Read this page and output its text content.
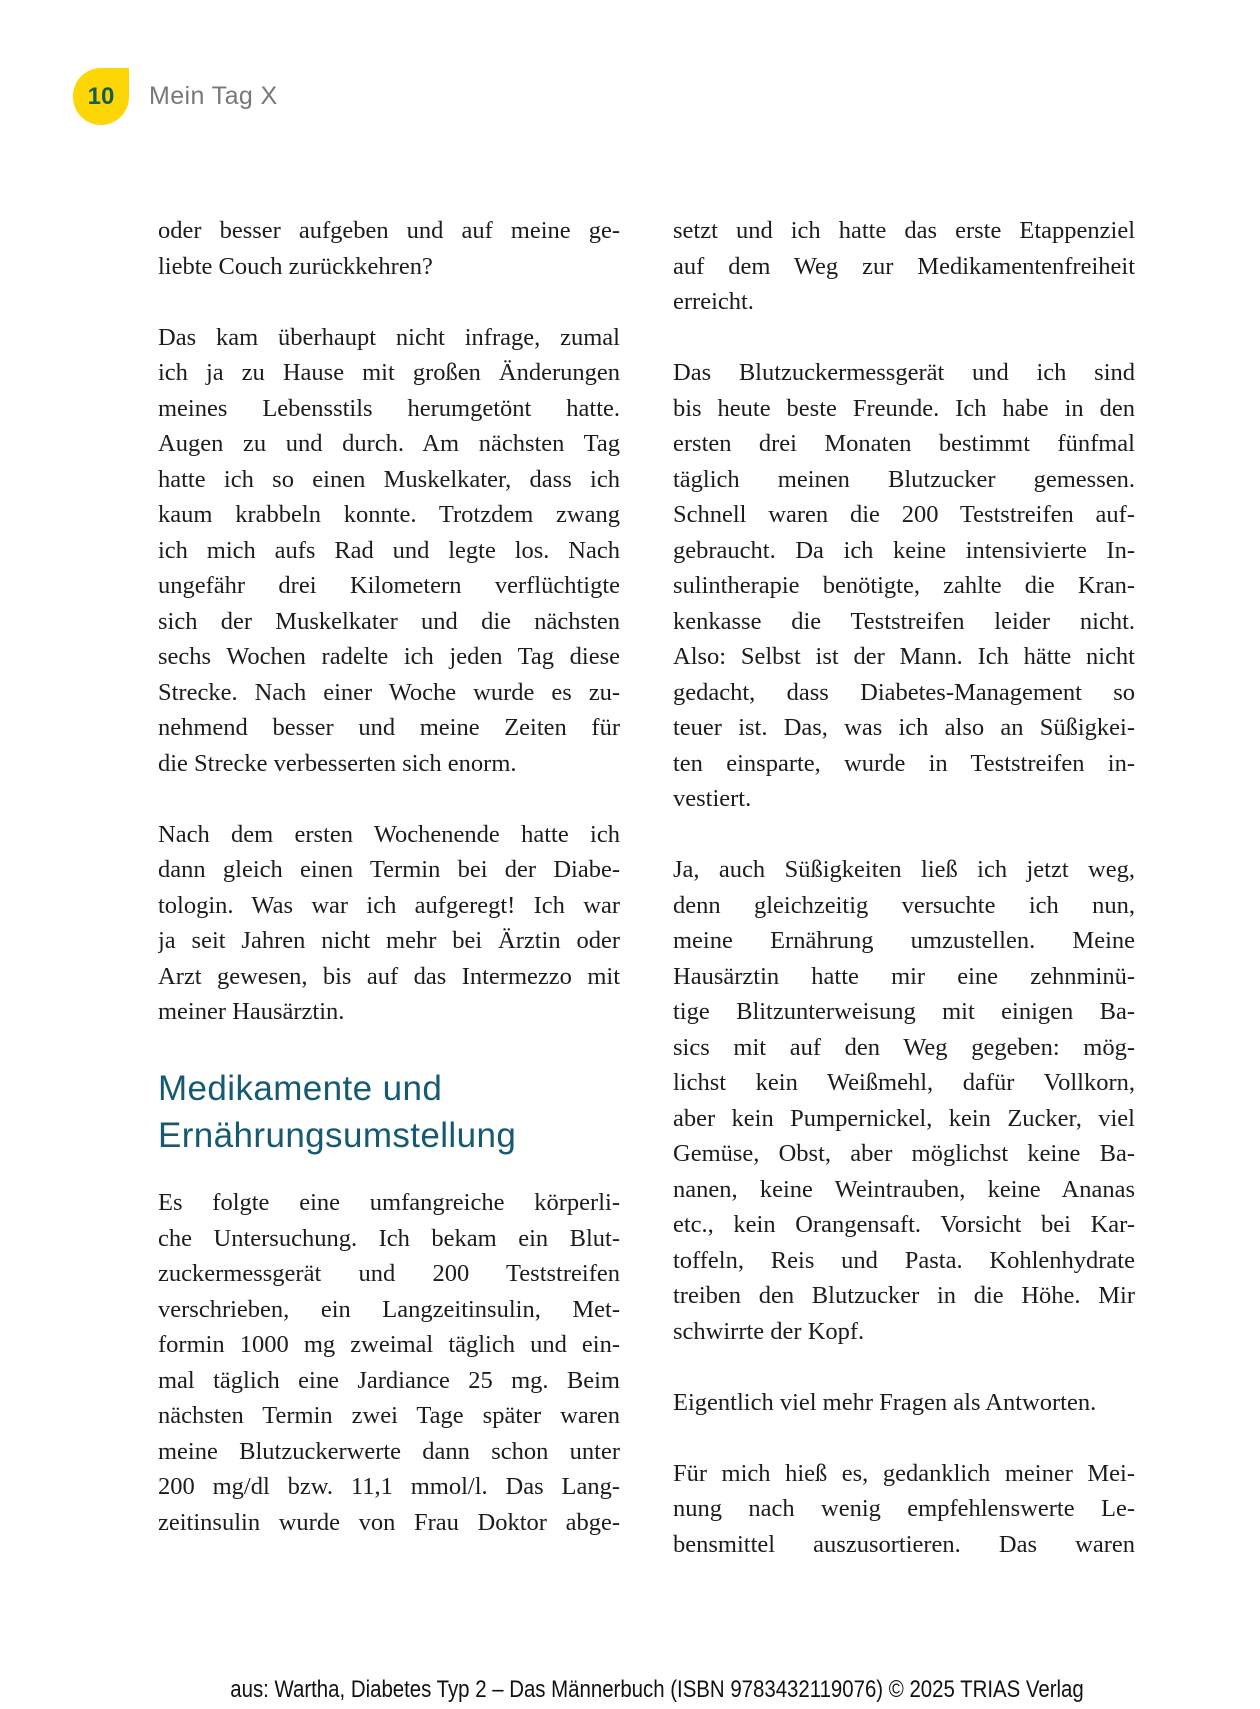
10 Mein Tag X
oder besser aufgeben und auf meine ge-
liebte Couch zurückkehren?
Das kam überhaupt nicht infrage, zumal
ich ja zu Hause mit großen Änderungen
meines Lebensstils herumgetönt hatte.
Augen zu und durch. Am nächsten Tag
hatte ich so einen Muskelkater, dass ich
kaum krabbeln konnte. Trotzdem zwang
ich mich aufs Rad und legte los. Nach
ungefähr drei Kilometern verflüchtigte
sich der Muskelkater und die nächsten
sechs Wochen radelte ich jeden Tag diese
Strecke. Nach einer Woche wurde es zu-
nehmend besser und meine Zeiten für
die Strecke verbesserten sich enorm.
Nach dem ersten Wochenende hatte ich
dann gleich einen Termin bei der Diabe-
tologin. Was war ich aufgeregt! Ich war
ja seit Jahren nicht mehr bei Ärztin oder
Arzt gewesen, bis auf das Intermezzo mit
meiner Hausärztin.
Medikamente und
Ernährungsumstellung
Es folgte eine umfangreiche körperli-
che Untersuchung. Ich bekam ein Blut-
zuckermessgerät und 200 Teststreifen
verschrieben, ein Langzeitinsulin, Met-
formin 1000 mg zweimal täglich und ein-
mal täglich eine Jardiance 25 mg. Beim
nächsten Termin zwei Tage später waren
meine Blutzuckerwerte dann schon unter
200 mg/dl bzw. 11,1 mmol/l. Das Lang-
zeitinsulin wurde von Frau Doktor abge-
setzt und ich hatte das erste Etappenziel
auf dem Weg zur Medikamentenfreiheit
erreicht.
Das Blutzuckermessgerät und ich sind
bis heute beste Freunde. Ich habe in den
ersten drei Monaten bestimmt fünfmal
täglich meinen Blutzucker gemessen.
Schnell waren die 200 Teststreifen auf-
gebraucht. Da ich keine intensivierte In-
sulintherapie benötigte, zahlte die Kran-
kenkasse die Teststreifen leider nicht.
Also: Selbst ist der Mann. Ich hätte nicht
gedacht, dass Diabetes-Management so
teuer ist. Das, was ich also an Süßigkei-
ten einsparte, wurde in Teststreifen in-
vestiert.
Ja, auch Süßigkeiten ließ ich jetzt weg,
denn gleichzeitig versuchte ich nun,
meine Ernährung umzustellen. Meine
Hausärztin hatte mir eine zehnminü-
tige Blitzunterweisung mit einigen Ba-
sics mit auf den Weg gegeben: mög-
lichst kein Weißmehl, dafür Vollkorn,
aber kein Pumpernickel, kein Zucker, viel
Gemüse, Obst, aber möglichst keine Ba-
nanen, keine Weintrauben, keine Ananas
etc., kein Orangensaft. Vorsicht bei Kar-
toffeln, Reis und Pasta. Kohlenhydrate
treiben den Blutzucker in die Höhe. Mir
schwirrte der Kopf.
Eigentlich viel mehr Fragen als Antworten.
Für mich hieß es, gedanklich meiner Mei-
nung nach wenig empfehlenswerte Le-
bensmittel auszusortieren. Das waren
aus: Wartha, Diabetes Typ 2 – Das Männerbuch (ISBN 9783432119076) © 2025 TRIAS Verlag
